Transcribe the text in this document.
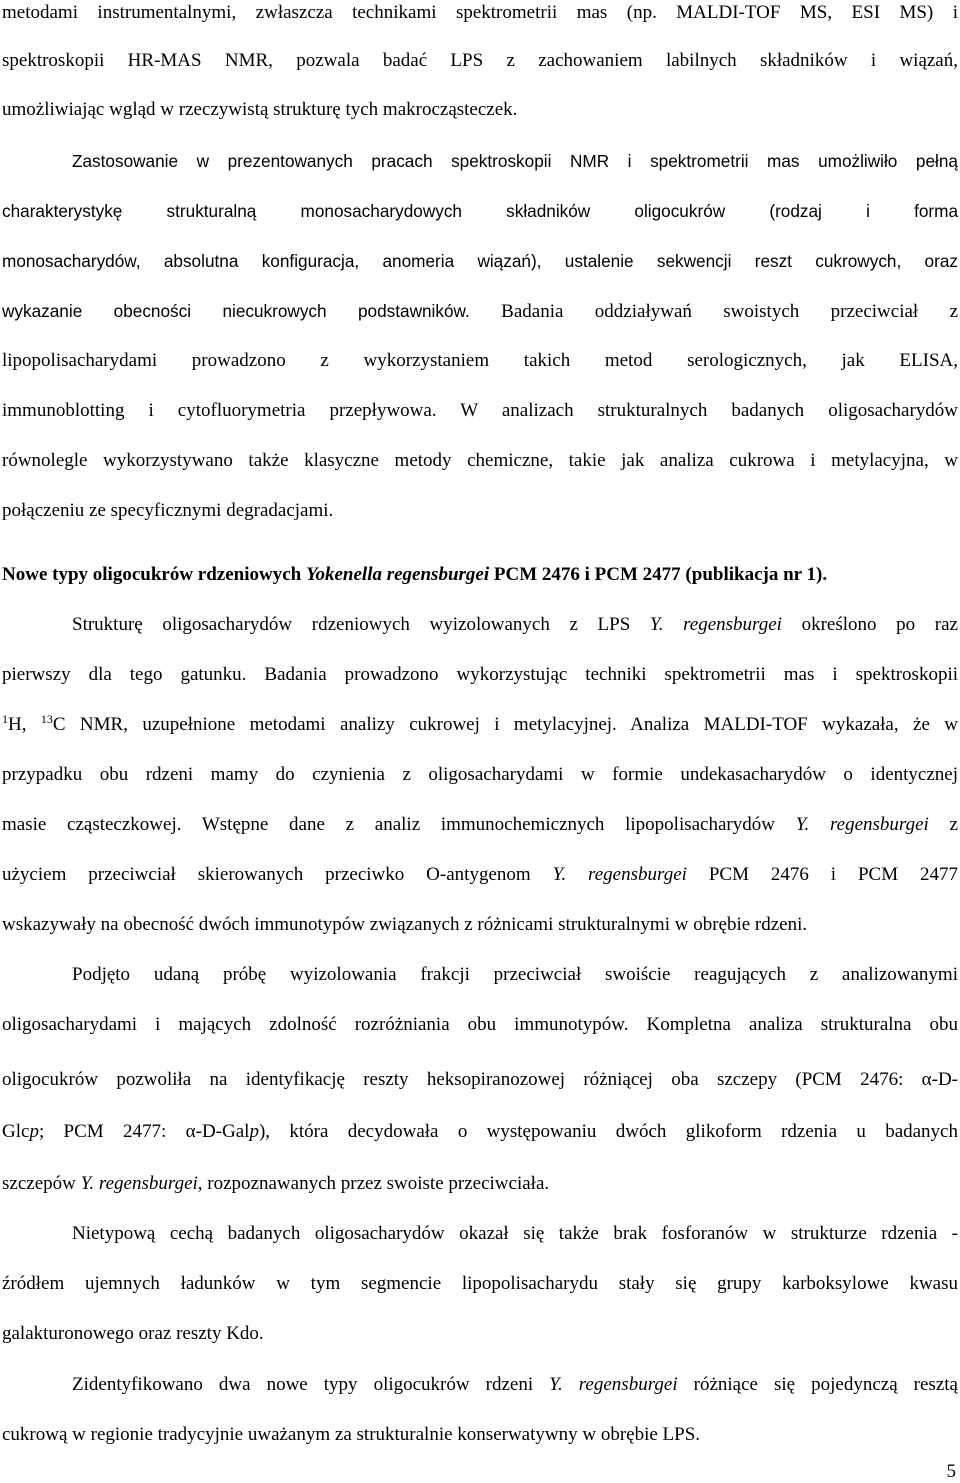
metodami instrumentalnymi, zwłaszcza technikami spektrometrii mas (np. MALDI-TOF MS, ESI MS) i
spektroskopii HR-MAS NMR, pozwala badać LPS z zachowaniem labilnych składników i wiązań,
umożliwiając wgląd w rzeczywistą strukturę tych makrocząsteczek.
Zastosowanie w prezentowanych pracach spektroskopii NMR i spektrometrii mas umożliwiło pełną
charakterystykę strukturalną monosacharydowych składników oligocukrów (rodzaj i forma
monosacharydów, absolutna konfiguracja, anomeria wiązań), ustalenie sekwencji reszt cukrowych, oraz
wykazanie obecności niecukrowych podstawników. Badania oddziaływań swoistych przeciwciał z
lipopolisacharydami prowadzono z wykorzystaniem takich metod serologicznych, jak ELISA,
immunoblotting i cytofluorymetria przepływowa. W analizach strukturalnych badanych oligosacharydów
równolegle wykorzystywano także klasyczne metody chemiczne, takie jak analiza cukrowa i metylacyjna, w
połączeniu ze specyficznymi degradacjami.
Nowe typy oligocukrów rdzeniowych Yokenella regensburgei PCM 2476 i PCM 2477 (publikacja nr 1).
Strukturę oligosacharydów rdzeniowych wyizolowanych z LPS Y. regensburgei określono po raz
pierwszy dla tego gatunku. Badania prowadzono wykorzystując techniki spektrometrii mas i spektroskopii
$^1$H, $^{13}$C NMR, uzupełnione metodami analizy cukrowej i metylacyjnej. Analiza MALDI-TOF wykazała, że w
przypadku obu rdzeni mamy do czynienia z oligosacharydami w formie undekasacharydów o identycznej
masie cząsteczkowej. Wstępne dane z analiz immunochemicznych lipopolisacharydów Y. regensburgei z
użyciem przeciwciał skierowanych przeciwko O-antygenom Y. regensburgei PCM 2476 i PCM 2477
wskazywały na obecność dwóch immunotypów związanych z różnicami strukturalnymi w obrębie rdzeni.
Podjęto udaną próbę wyizolowania frakcji przeciwciał swoiście reagujących z analizowanymi
oligosacharydami i mających zdolność rozróżniania obu immunotypów. Kompletna analiza strukturalna obu
oligocukrów pozwoliła na identyfikację reszty heksopiranozowej różniącej oba szczepy (PCM 2476: α-D-
Glcp; PCM 2477: α-D-Galp), która decydowała o występowaniu dwóch glikoform rdzenia u badanych
szczepów Y. regensburgei, rozpoznawanych przez swoiste przeciwciała.
Nietypową cechą badanych oligosacharydów okazał się także brak fosforanów w strukturze rdzenia -
źródłem ujemnych ładunków w tym segmencie lipopolisacharydu stały się grupy karboksylowe kwasu
galakturonowego oraz reszty Kdo.
Zidentyfikowano dwa nowe typy oligocukrów rdzeni Y. regensburgei różniące się pojedynczą resztą
cukrową w regionie tradycyjnie uważanym za strukturalnie konserwatywny w obrębie LPS.
5
